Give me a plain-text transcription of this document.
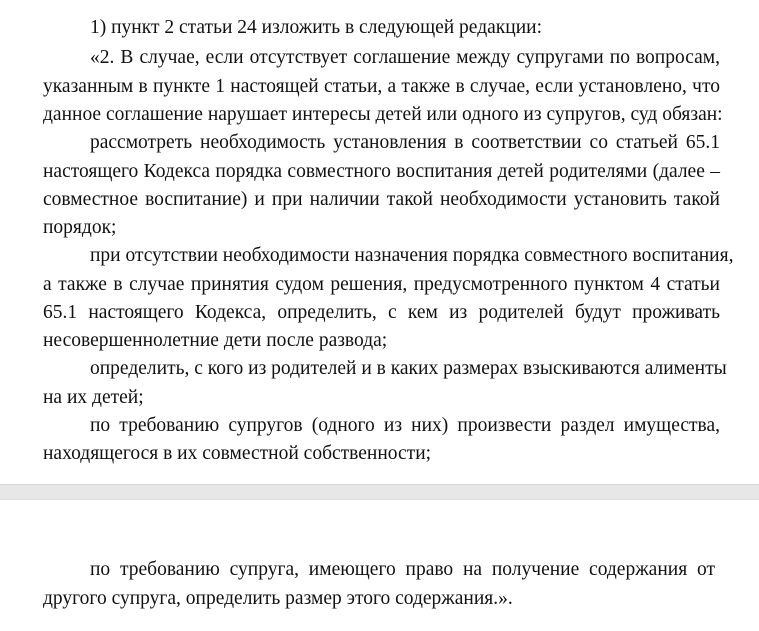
1) пункт 2 статьи 24 изложить в следующей редакции:
«2. В случае, если отсутствует соглашение между супругами по вопросам,
указанным в пункте 1 настоящей статьи, а также в случае, если установлено, что
данное соглашение нарушает интересы детей или одного из супругов, суд обязан:
рассмотреть необходимость установления в соответствии со статьей 65.1
настоящего Кодекса порядка совместного воспитания детей родителями (далее –
совместное воспитание) и при наличии такой необходимости установить такой
порядок;
при отсутствии необходимости назначения порядка совместного воспитания,
а также в случае принятия судом решения, предусмотренного пунктом 4 статьи
65.1 настоящего Кодекса, определить, с кем из родителей будут проживать
несовершеннолетние дети после развода;
определить, с кого из родителей и в каких размерах взыскиваются алименты
на их детей;
по требованию супругов (одного из них) произвести раздел имущества,
находящегося в их совместной собственности;
по требованию супруга, имеющего право на получение содержания от
другого супруга, определить размер этого содержания.».
